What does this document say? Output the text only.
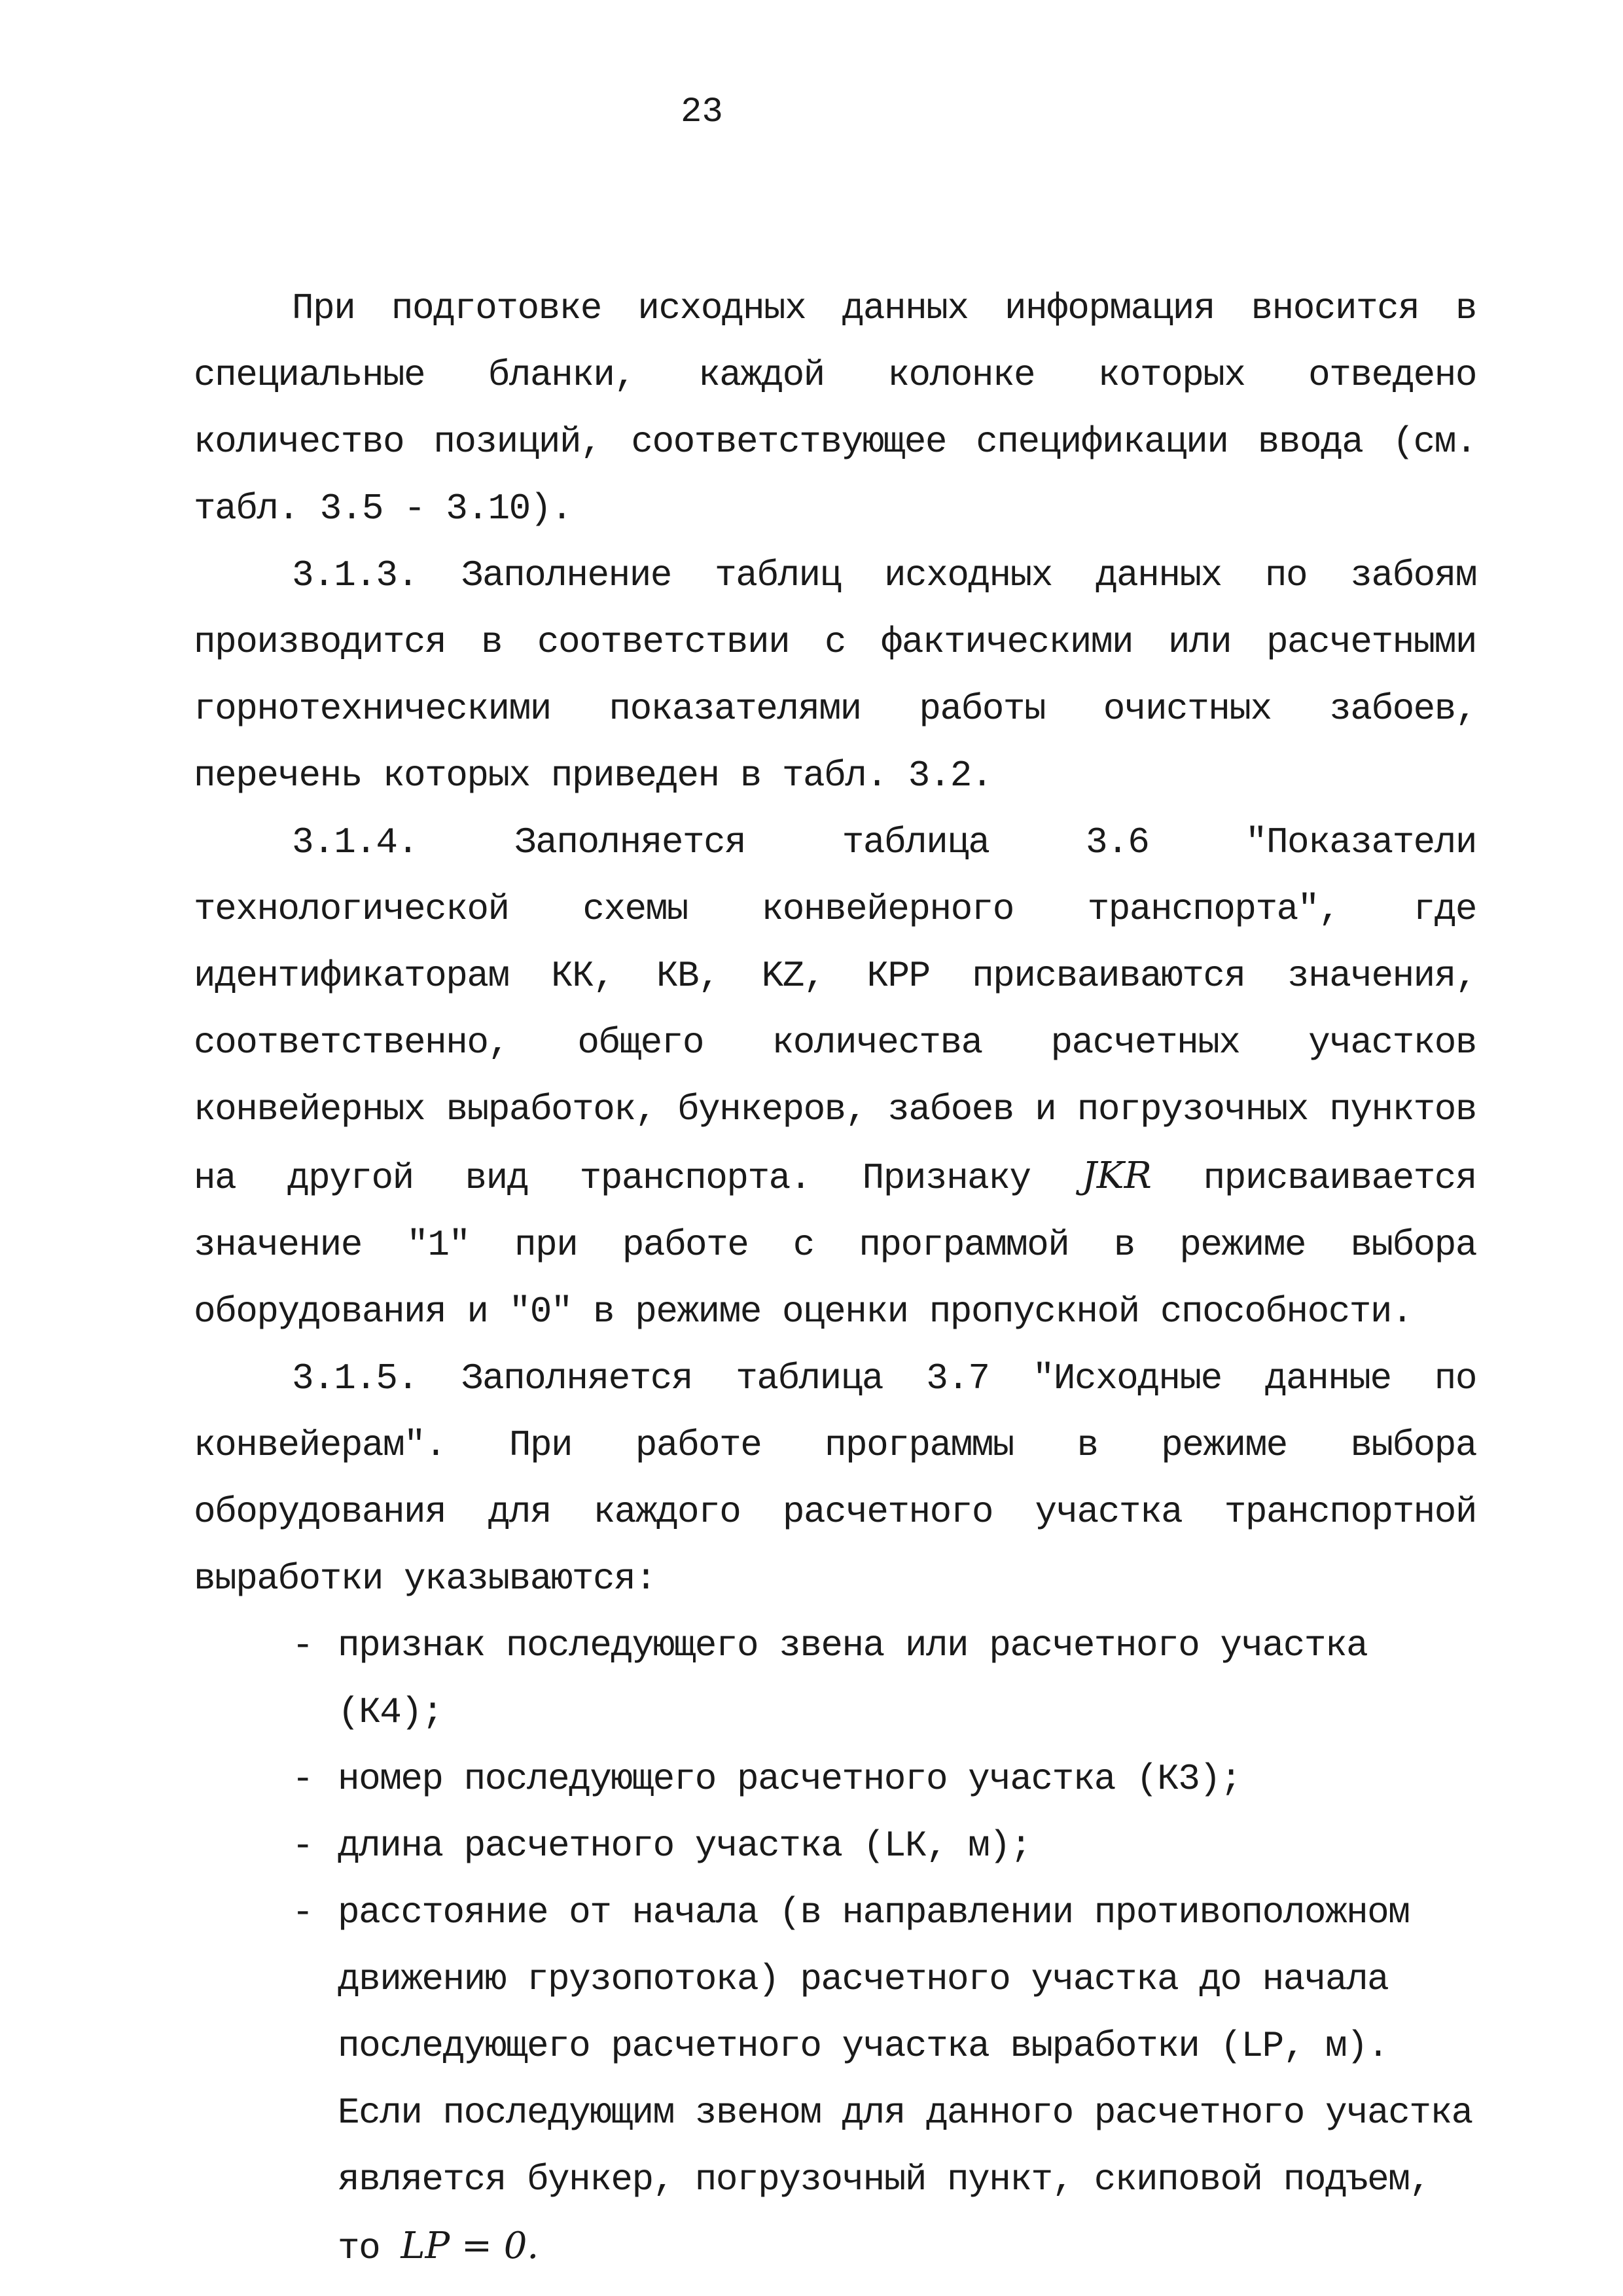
23

При подготовке исходных данных информация вносится в специальные бланки, каждой колонке которых отведено количество позиций, соответствующее спецификации ввода (см. табл. 3.5 - 3.10).

3.1.3. Заполнение таблиц исходных данных по забоям производится в соответствии с фактическими или расчетными горнотехническими показателями работы очистных забоев, перечень которых приведен в табл. 3.2.

3.1.4. Заполняется таблица 3.6 "Показатели технологической схемы конвейерного транспорта", где идентификаторам КК, КВ, KZ, КРР присваиваются значения, соответственно, общего количества расчетных участков конвейерных выработок, бункеров, забоев и погрузочных пунктов на другой вид транспорта. Признаку JKR присваивается значение "1" при работе с программой в режиме выбора оборудования и "0" в режиме оценки пропускной способности.

3.1.5. Заполняется таблица 3.7 "Исходные данные по конвейерам". При работе программы в режиме выбора оборудования для каждого расчетного участка транспортной выработки указываются:

- признак последующего звена или расчетного участка (К4);
- номер последующего расчетного участка (К3);
- длина расчетного участка (LК, м);
- расстояние от начала (в направлении противоположном движению грузопотока) расчетного участка до начала последующего расчетного участка выработки (LP, м). Если последующим звеном для данного расчетного участка является бункер, погрузочный пункт, скиповой подъем, то LP = 0.
